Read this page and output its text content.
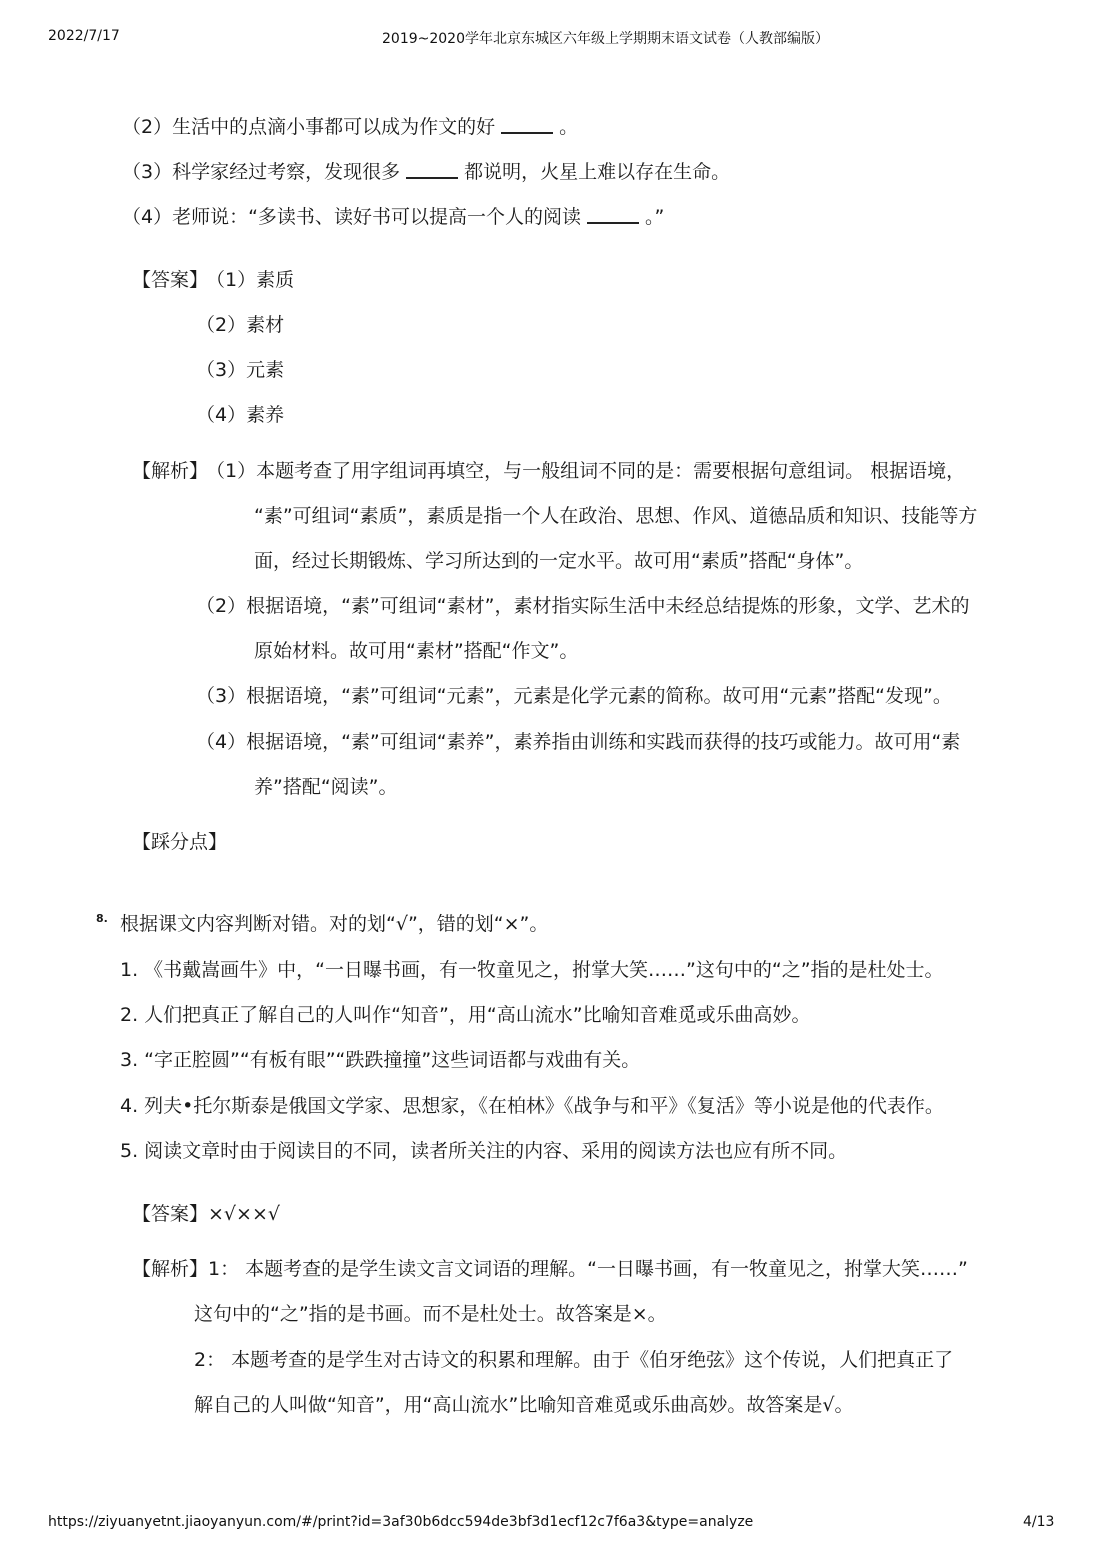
2022/7/17	2019~2020学年北京东城区六年级上学期期末语文试卷（人教部编版）
（2）生活中的点滴小事都可以成为作文的好	。
（3）科学家经过考察，发现很多	都说明，火星上难以存在生命。
（4）老师说：“多读书、读好书可以提高一个人的阅读	。”
【答案】
（1）素质
（2）素材
（3）元素
（4）素养
【解析】
（1）本题考查了用字组词再填空，与一般组词不同的是：需要根据句意组词。 根据语境，
“素”可组词“素质”，素质是指一个人在政治、思想、作风、道德品质和知识、技能等方
面，经过长期锻炼、学习所达到的一定水平。故可用“素质”搭配“身体”。
（2）根据语境，“素”可组词“素材”，素材指实际生活中未经总结提炼的形象，文学、艺术的
原始材料。故可用“素材”搭配“作文”。
（3）根据语境，“素”可组词“元素”，元素是化学元素的简称。故可用“元素”搭配“发现”。
（4）根据语境，“素”可组词“素养”，素养指由训练和实践而获得的技巧或能力。故可用“素
养”搭配“阅读”。
【踩分点】
8. 根据课文内容判断对错。对的划“√”，错的划“×”。
1. 《书戴嵩画牛》中，“一日曝书画，有一牧童见之，拊掌大笑……”这句中的“之”指的是杜处士。
2. 人们把真正了解自己的人叫作“知音”，用“高山流水”比喻知音难觅或乐曲高妙。
3. “字正腔圆”“有板有眼”“跌跌撞撞”这些词语都与戏曲有关。
4. 列夫•托尔斯泰是俄国文学家、思想家，《在柏林》《战争与和平》《复活》等小说是他的代表作。
5. 阅读文章时由于阅读目的不同，读者所关注的内容、采用的阅读方法也应有所不同。
【答案】×√××√
【解析】1： 本题考查的是学生读文言文词语的理解。“一日曝书画，有一牧童见之，拊掌大笑……”
这句中的“之”指的是书画。而不是杜处士。故答案是×。
2： 本题考查的是学生对古诗文的积累和理解。由于《伯牙绝弦》这个传说，人们把真正了
解自己的人叫做“知音”，用“高山流水”比喻知音难觅或乐曲高妙。故答案是√。
https://ziyuanyetnt.jiaoyanyun.com/#/print?id=3af30b6dcc594de3bf3d1ecf12c7f6a3&type=analyze	4/13
